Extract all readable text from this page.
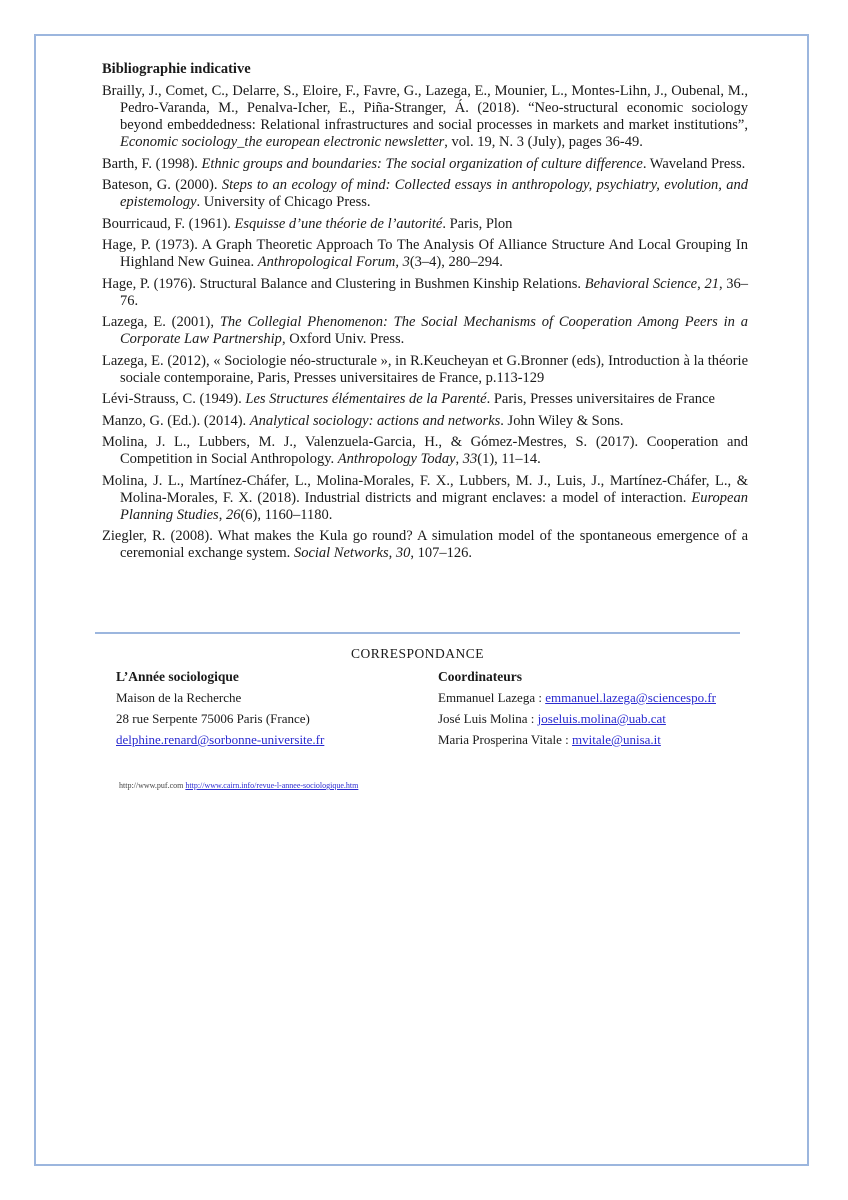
Bibliographie indicative
Brailly, J., Comet, C., Delarre, S., Eloire, F., Favre, G., Lazega, E., Mounier, L., Montes-Lihn, J., Oubenal, M., Pedro-Varanda, M., Penalva-Icher, E., Piña-Stranger, Á. (2018). “Neo-structural economic sociology beyond embeddedness: Relational infrastructures and social processes in markets and market institutions”, Economic sociology_the european electronic newsletter, vol. 19, N. 3 (July), pages 36-49.
Barth, F. (1998). Ethnic groups and boundaries: The social organization of culture difference. Waveland Press.
Bateson, G. (2000). Steps to an ecology of mind: Collected essays in anthropology, psychiatry, evolution, and epistemology. University of Chicago Press.
Bourricaud, F. (1961). Esquisse d’une théorie de l’autorité. Paris, Plon
Hage, P. (1973). A Graph Theoretic Approach To The Analysis Of Alliance Structure And Local Grouping In Highland New Guinea. Anthropological Forum, 3(3–4), 280–294.
Hage, P. (1976). Structural Balance and Clustering in Bushmen Kinship Relations. Behavioral Science, 21, 36–76.
Lazega, E. (2001), The Collegial Phenomenon: The Social Mechanisms of Cooperation Among Peers in a Corporate Law Partnership, Oxford Univ. Press.
Lazega, E. (2012), « Sociologie néo-structurale », in R.Keucheyan et G.Bronner (eds), Introduction à la théorie sociale contemporaine, Paris, Presses universitaires de France, p.113-129
Lévi-Strauss, C. (1949). Les Structures élémentaires de la Parenté. Paris, Presses universitaires de France
Manzo, G. (Ed.). (2014). Analytical sociology: actions and networks. John Wiley & Sons.
Molina, J. L., Lubbers, M. J., Valenzuela-Garcia, H., & Gómez-Mestres, S. (2017). Cooperation and Competition in Social Anthropology. Anthropology Today, 33(1), 11–14.
Molina, J. L., Martínez-Cháfer, L., Molina-Morales, F. X., Lubbers, M. J., Luis, J., Martínez-Cháfer, L., & Molina-Morales, F. X. (2018). Industrial districts and migrant enclaves: a model of interaction. European Planning Studies, 26(6), 1160–1180.
Ziegler, R. (2008). What makes the Kula go round? A simulation model of the spontaneous emergence of a ceremonial exchange system. Social Networks, 30, 107–126.
CORRESPONDANCE
L’Année sociologique
Maison de la Recherche
28 rue Serpente 75006 Paris (France)
delphine.renard@sorbonne-universite.fr
Coordinateurs
Emmanuel Lazega : emmanuel.lazega@sciencespo.fr
José Luis Molina : joseluis.molina@uab.cat
Maria Prosperina Vitale : mvitale@unisa.it
http://www.puf.com http://www.cairn.info/revue-l-annee-sociologique.htm
